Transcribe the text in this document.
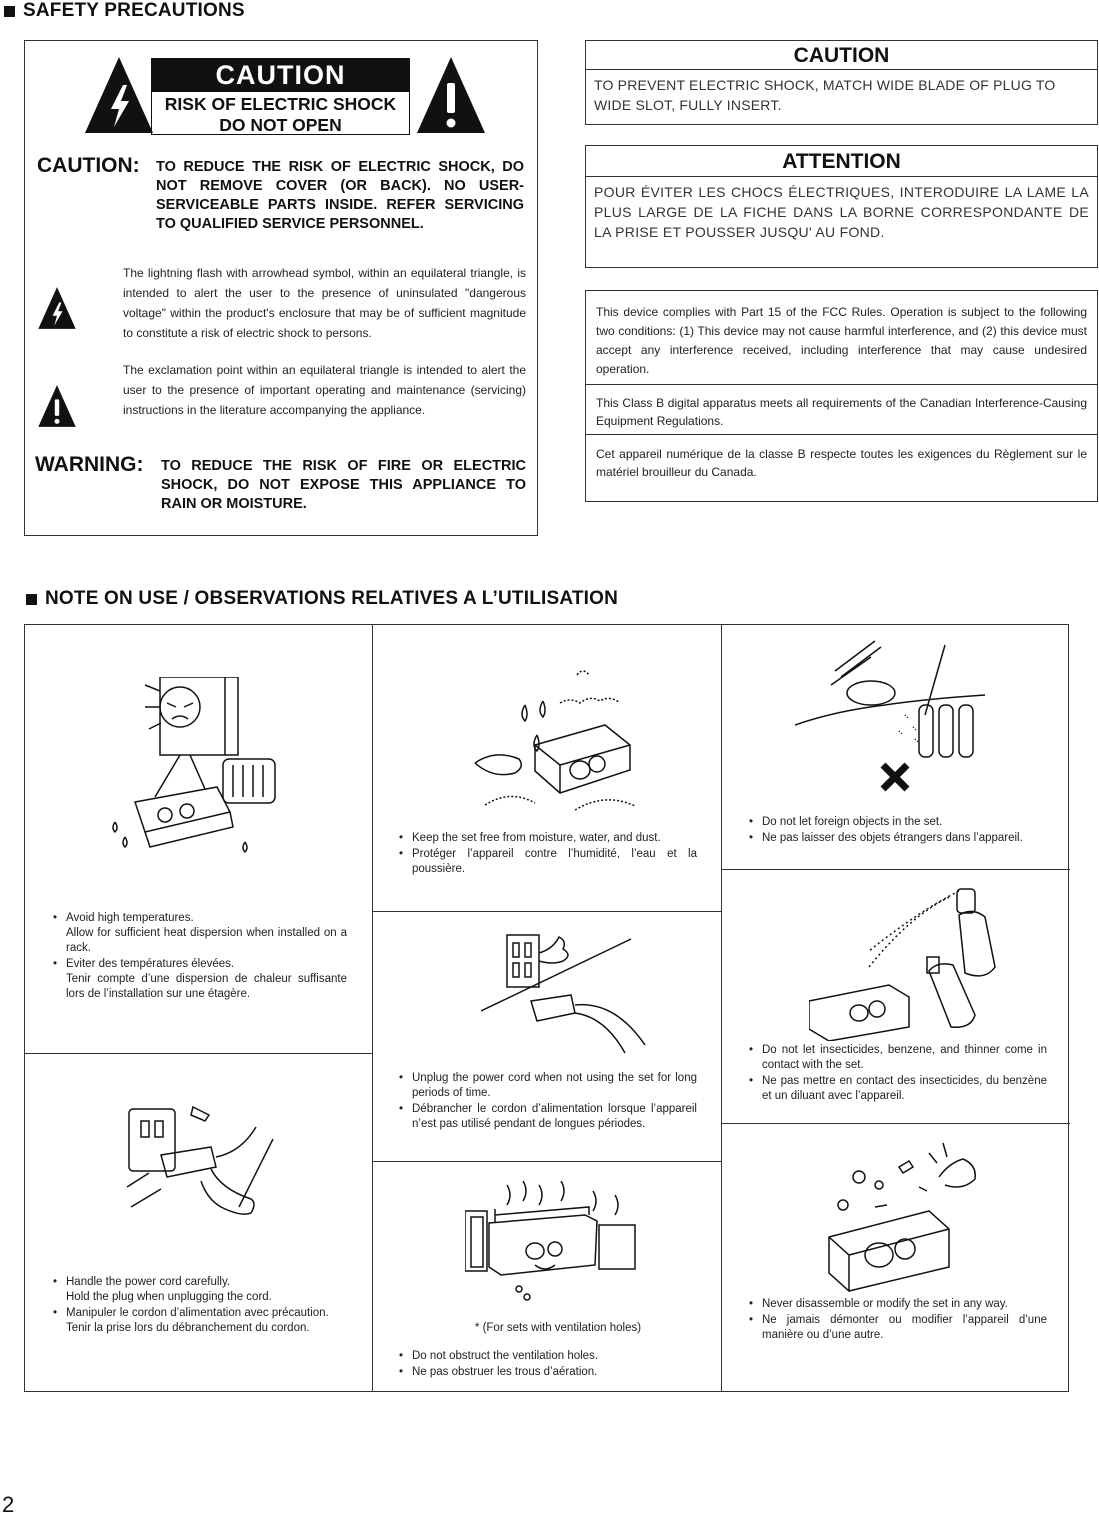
SAFETY PRECAUTIONS
CAUTION
RISK OF ELECTRIC SHOCK
DO NOT OPEN
CAUTION: TO REDUCE THE RISK OF ELECTRIC SHOCK, DO NOT REMOVE COVER (OR BACK). NO USER-SERVICEABLE PARTS INSIDE. REFER SERVICING TO QUALIFIED SERVICE PERSONNEL.
The lightning flash with arrowhead symbol, within an equilateral triangle, is intended to alert the user to the presence of uninsulated "dangerous voltage" within the product's enclosure that may be of sufficient magnitude to constitute a risk of electric shock to persons.
The exclamation point within an equilateral triangle is intended to alert the user to the presence of important operating and maintenance (servicing) instructions in the literature accompanying the appliance.
WARNING: TO REDUCE THE RISK OF FIRE OR ELECTRIC SHOCK, DO NOT EXPOSE THIS APPLIANCE TO RAIN OR MOISTURE.
CAUTION
TO PREVENT ELECTRIC SHOCK, MATCH WIDE BLADE OF PLUG TO WIDE SLOT, FULLY INSERT.
ATTENTION
POUR ÉVITER LES CHOCS ÉLECTRIQUES, INTERODUIRE LA LAME LA PLUS LARGE DE LA FICHE DANS LA BORNE CORRESPONDANTE DE LA PRISE ET POUSSER JUSQU' AU FOND.
This device complies with Part 15 of the FCC Rules. Operation is subject to the following two conditions: (1) This device may not cause harmful interference, and (2) this device must accept any interference received, including interference that may cause undesired operation.
This Class B digital apparatus meets all requirements of the Canadian Interference-Causing Equipment Regulations.
Cet appareil numérique de la classe B respecte toutes les exigences du Règlement sur le matériel brouilleur du Canada.
NOTE ON USE / OBSERVATIONS RELATIVES A L’UTILISATION
• Avoid high temperatures.
Allow for sufficient heat dispersion when installed on a rack.
• Eviter des températures élevées.
Tenir compte d’une dispersion de chaleur suffisante lors de l’installation sur une étagère.
• Handle the power cord carefully.
Hold the plug when unplugging the cord.
• Manipuler le cordon d’alimentation avec précaution.
Tenir la prise lors du débranchement du cordon.
• Keep the set free from moisture, water, and dust.
• Protéger l’appareil contre l’humidité, l’eau et la poussière.
• Unplug the power cord when not using the set for long periods of time.
• Débrancher le cordon d’alimentation lorsque l’appareil n’est pas utilisé pendant de longues périodes.
* (For sets with ventilation holes)
• Do not obstruct the ventilation holes.
• Ne pas obstruer les trous d’aération.
• Do not let foreign objects in the set.
• Ne pas laisser des objets étrangers dans l’appareil.
• Do not let insecticides, benzene, and thinner come in contact with the set.
• Ne pas mettre en contact des insecticides, du benzène et un diluant avec l’appareil.
• Never disassemble or modify the set in any way.
• Ne jamais démonter ou modifier l’appareil d’une manière ou d’une autre.
2
